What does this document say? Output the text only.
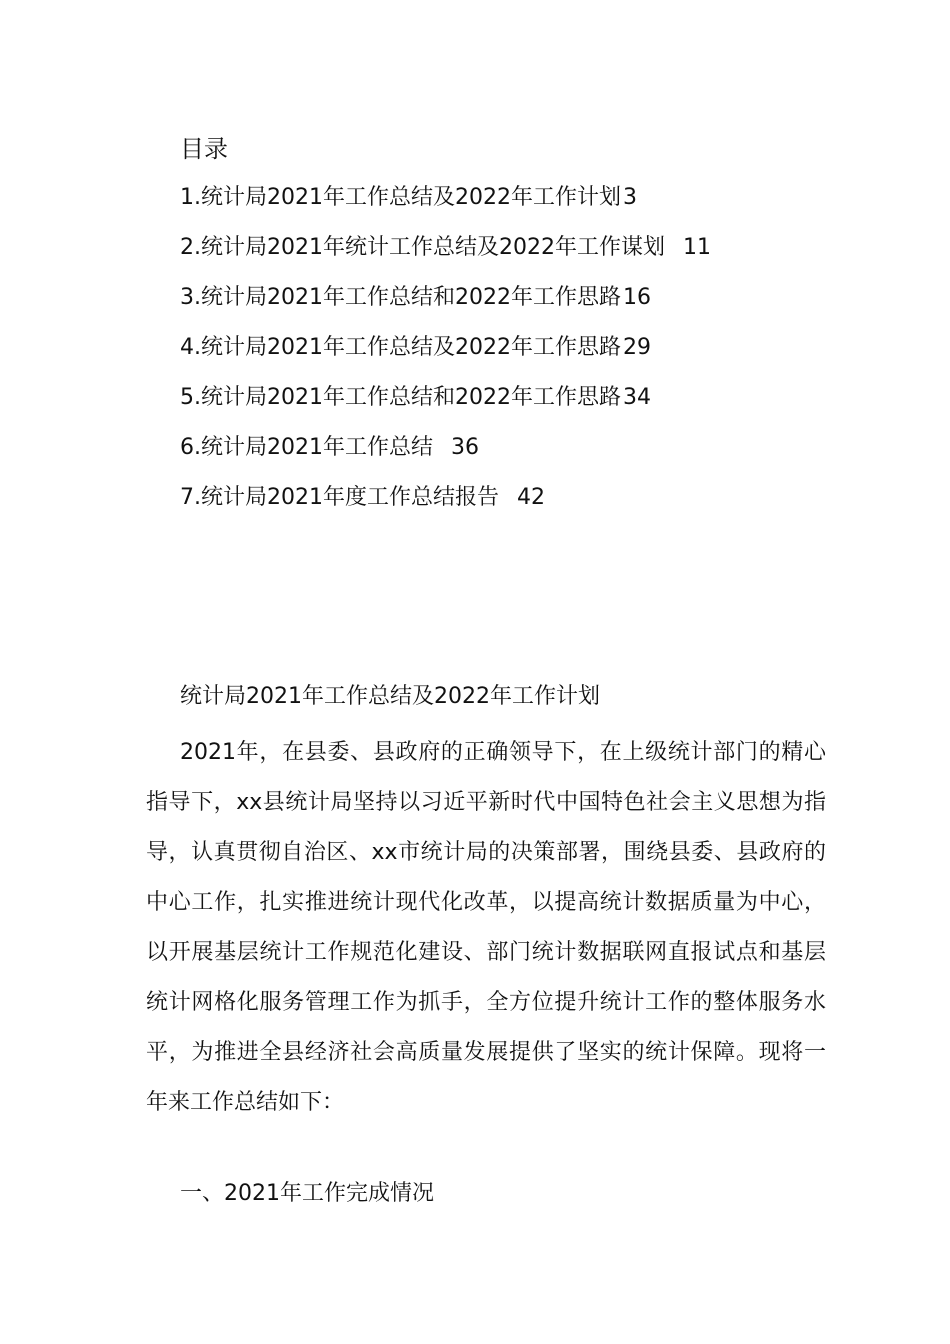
目录
1.统计局2021年工作总结及2022年工作计划 3
2.统计局2021年统计工作总结及2022年工作谋划 11
3.统计局2021年工作总结和2022年工作思路 16
4.统计局2021年工作总结及2022年工作思路 29
5.统计局2021年工作总结和2022年工作思路 34
6.统计局2021年工作总结 36
7.统计局2021年度工作总结报告 42
统计局2021年工作总结及2022年工作计划

2021年，在县委、县政府的正确领导下，在上级统计部门的精心指导下，xx县统计局坚持以习近平新时代中国特色社会主义思想为指导，认真贯彻自治区、xx市统计局的决策部署，围绕县委、县政府的中心工作，扎实推进统计现代化改革，以提高统计数据质量为中心，以开展基层统计工作规范化建设、部门统计数据联网直报试点和基层统计网格化服务管理工作为抓手，全方位提升统计工作的整体服务水平，为推进全县经济社会高质量发展提供了坚实的统计保障。现将一年来工作总结如下：

一、2021年工作完成情况
